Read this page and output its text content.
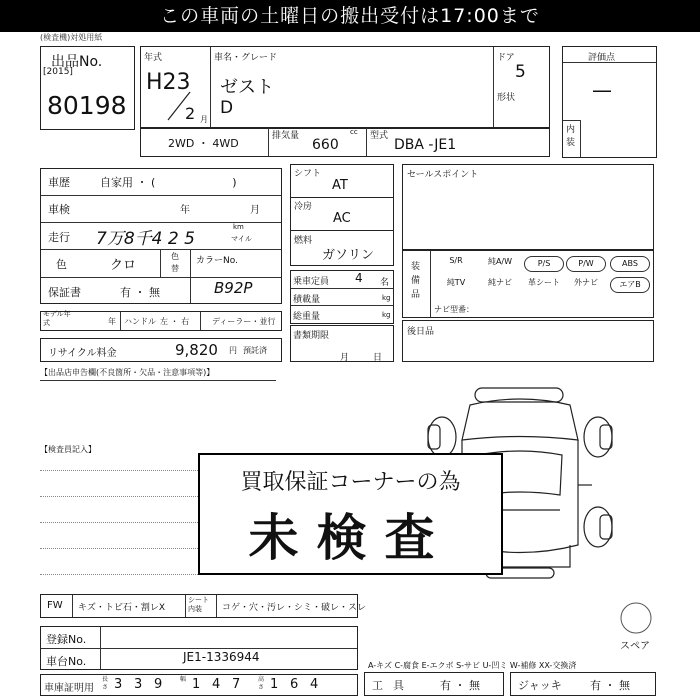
この車両の土曜日の搬出受付は17:00まで
(検査機)対処用紙
出品No.
[2015]
80198
年式
H23
2 月
車名・グレード
ゼスト
D
ドア
5
形状
評価点
—
内装
2WD ・ 4WD
排気量	cc
660
型式
DBA -JE1
車歴	自家用 ・ (　　　　　　　)
車検	年	月
走行 7万8千4 2 5
km
マイル
色	クロ
色替
カラーNo.
B92P
保証書	有 ・ 無
モデル年式	年 ハンドル 左 ・ 右	ディーラー・並行
リサイクル料金	9,820 円 預託済
シフト
AT
冷房
AC
燃料
ガソリン
乗車定員 4 名
積載量	kg
総重量	kg
書類期限
月	日
セールスポイント
装備品
S/R	純A/W	P/S	P/W	ABS
純TV	純ナビ	革シート	外ナビ	エアB
ナビ型番：
後日品
【出品店申告欄(不良箇所・欠品・注意事項等)】
【検査員記入】
買取保証コーナーの為
未検査
FW キズ・トビ石・割レX
シート内装	コゲ・穴・汚レ・シミ・破レ・スレ
登録No.
車台No.	JE1-1336944
車庫証明用
長さ 3 3 9	幅 1 4 7	高さ 1 6 4
スペア
A-キズ C-腐食 E-エクボ S-サビ U-凹ミ W-補修 XX-交換済
工具 有 ・ 無	ジャッキ	有 ・ 無
